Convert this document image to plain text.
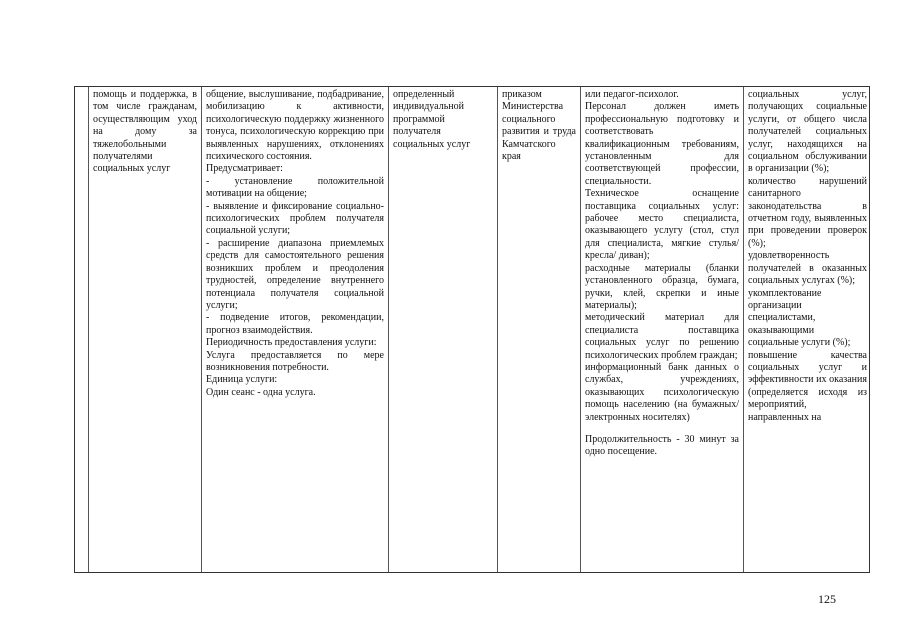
помощь и поддержка, в том числе гражданам, осуществляющим уход на дому за тяжелобольными получателями социальных услуг

общение, выслушивание, подбадривание, мобилизацию к активности, психологическую поддержку жизненного тонуса, психологическую коррекцию при выявленных нарушениях, отклонениях психического состояния.

Предусматривает:

- установление положительной мотивации на общение;

- выявление и фиксирование социально-психологических проблем получателя социальной услуги;

- расширение диапазона приемлемых средств для самостоятельного решения возникших проблем и преодоления трудностей, определение внутреннего потенциала получателя социальной услуги;

- подведение итогов, рекомендации, прогноз взаимодействия.

Периодичность предоставления услуги:

Услуга предоставляется по мере возникновения потребности.

Единица услуги:

Один сеанс - одна услуга.

определенный индивидуальной программой получателя социальных услуг

приказом Министерства социального развития и труда Камчатского края

или педагог-психолог.

Персонал должен иметь профессиональную подготовку и соответствовать квалификационным требованиям, установленным для соответствующей профессии, специальности.

Техническое оснащение поставщика социальных услуг: рабочее место специалиста, оказывающего услугу (стол, стул для специалиста, мягкие стулья/ кресла/ диван);

расходные материалы (бланки установленного образца, бумага, ручки, клей, скрепки и иные материалы);

методический материал для специалиста поставщика социальных услуг по решению психологических проблем граждан;

информационный банк данных о службах, учреждениях, оказывающих психологическую помощь населению (на бумажных/ электронных носителях)

Продолжительность - 30 минут за одно посещение.

социальных услуг, получающих социальные услуги, от общего числа получателей социальных услуг, находящихся на социальном обслуживании в организации (%);

количество нарушений санитарного законодательства в отчетном году, выявленных при проведении проверок (%);

удовлетворенность получателей в оказанных социальных услугах (%);

укомплектование организации специалистами, оказывающими социальные услуги (%);

повышение качества социальных услуг и эффективности их оказания (определяется исходя из мероприятий, направленных на

125
